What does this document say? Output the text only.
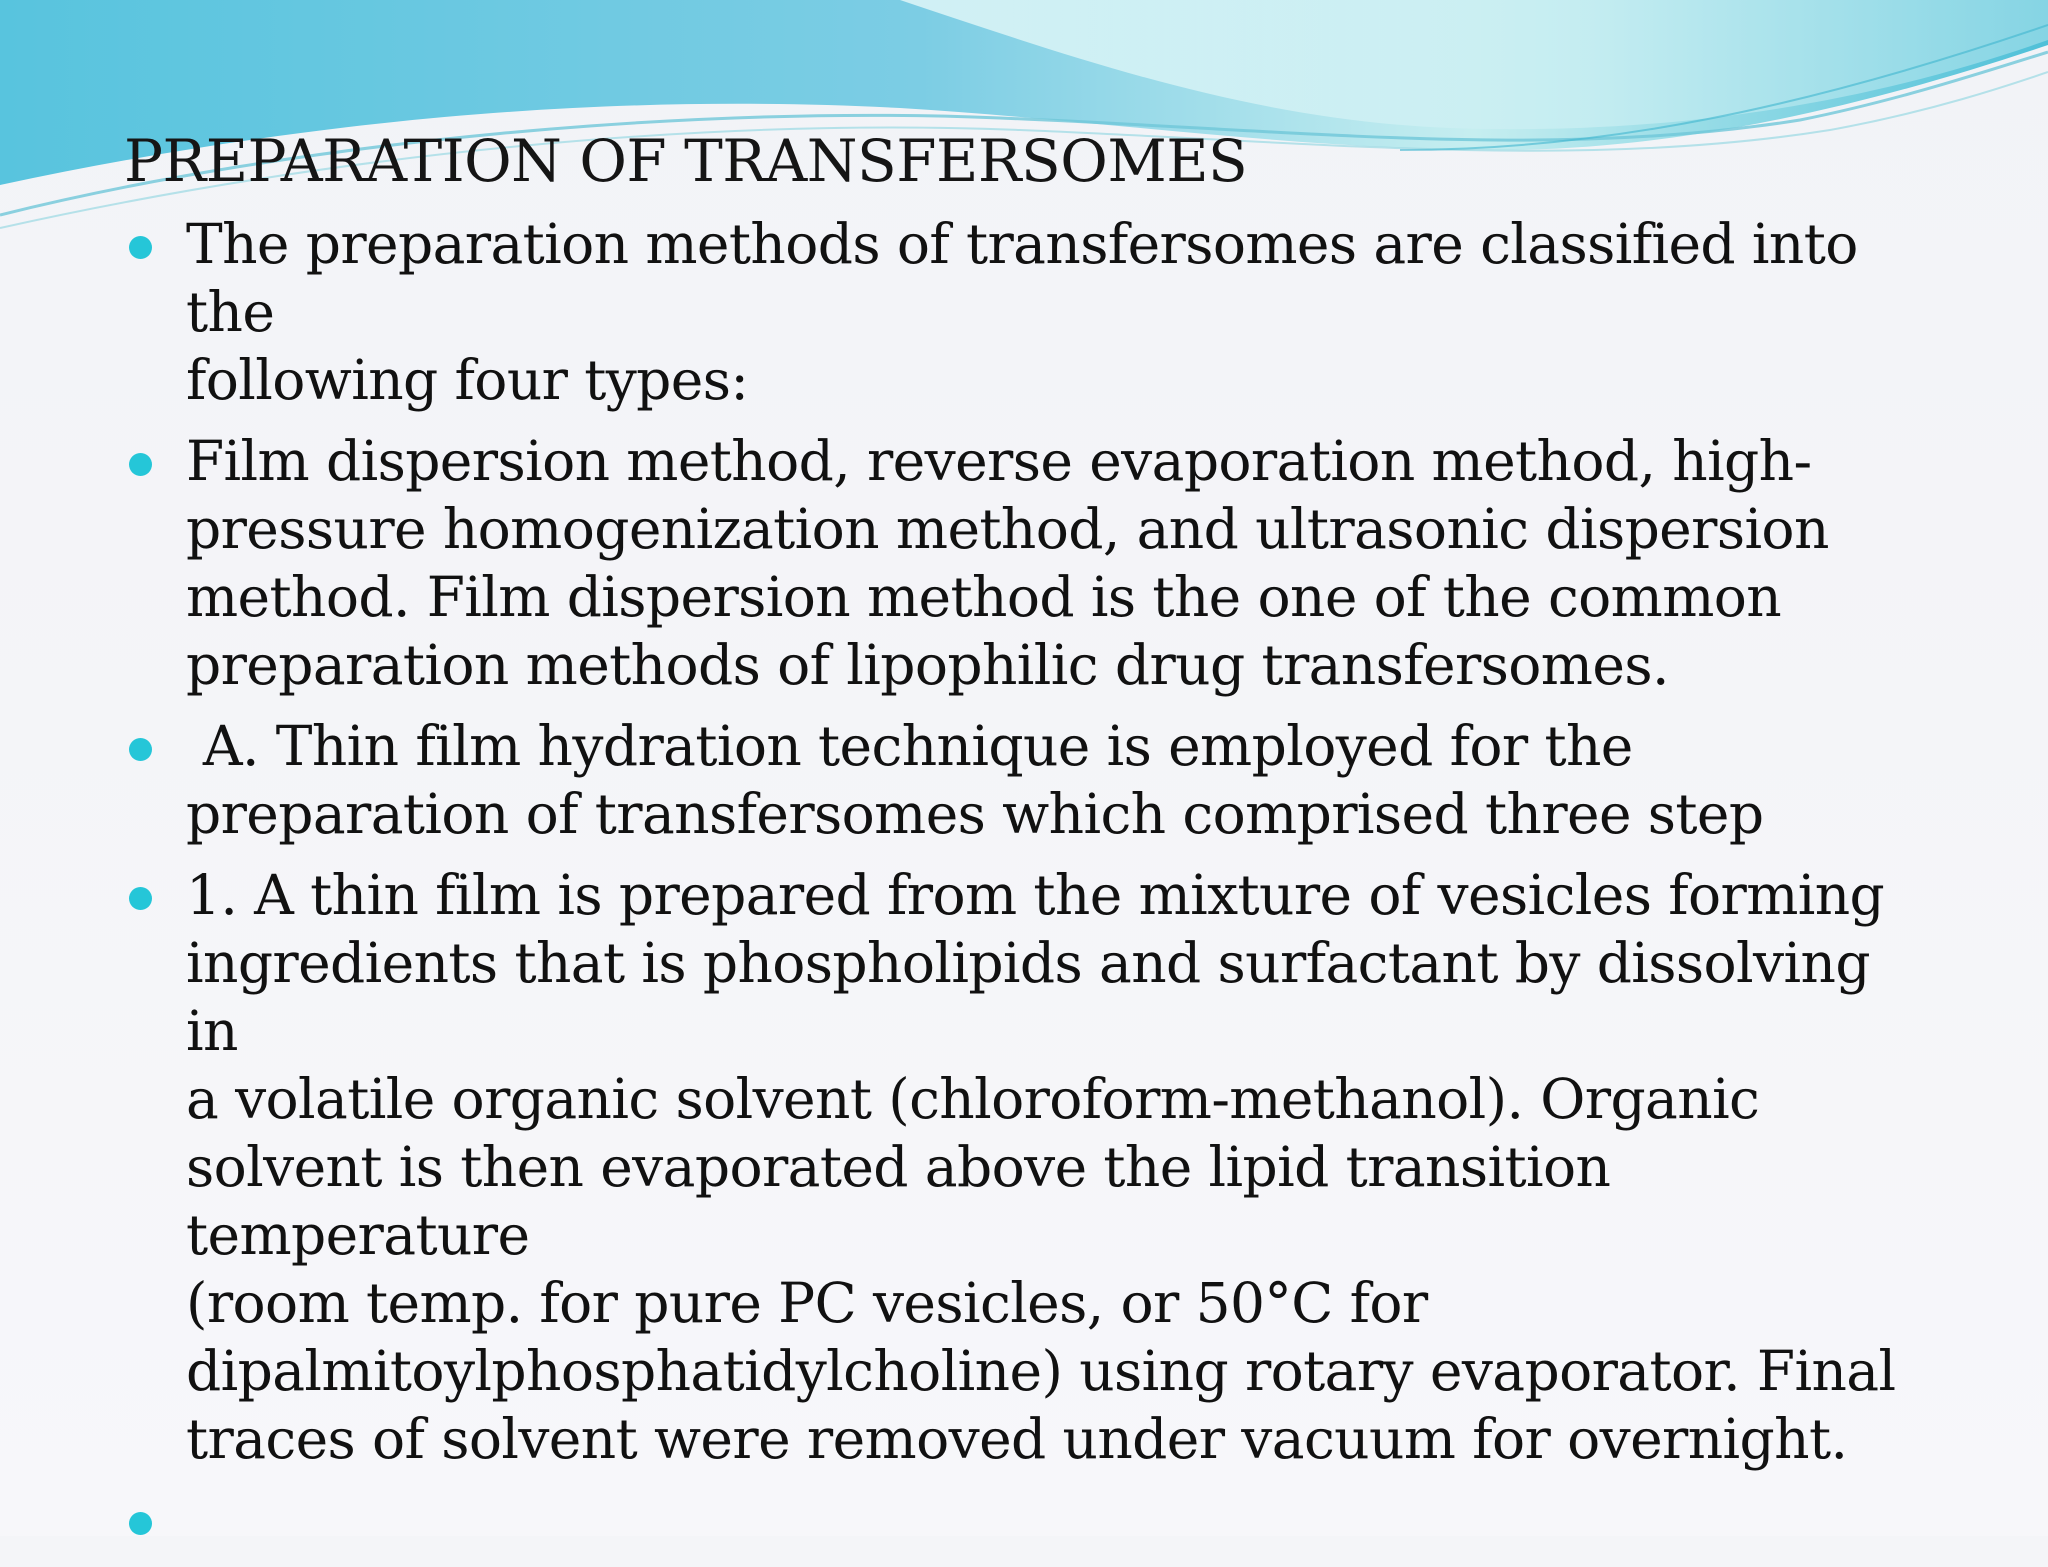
PREPARATION OF TRANSFERSOMES
The preparation methods of transfersomes are classified into the
following four types:
Film dispersion method, reverse evaporation method, high-
pressure homogenization method, and ultrasonic dispersion
method. Film dispersion method is the one of the common
preparation methods of lipophilic drug transfersomes.
A. Thin film hydration technique is employed for the
preparation of transfersomes which comprised three step
1. A thin film is prepared from the mixture of vesicles forming
ingredients that is phospholipids and surfactant by dissolving in
a volatile organic solvent (chloroform-methanol). Organic
solvent is then evaporated above the lipid transition temperature
(room temp. for pure PC vesicles, or 50°C for
dipalmitoylphosphatidylcholine) using rotary evaporator. Final
traces of solvent were removed under vacuum for overnight.
